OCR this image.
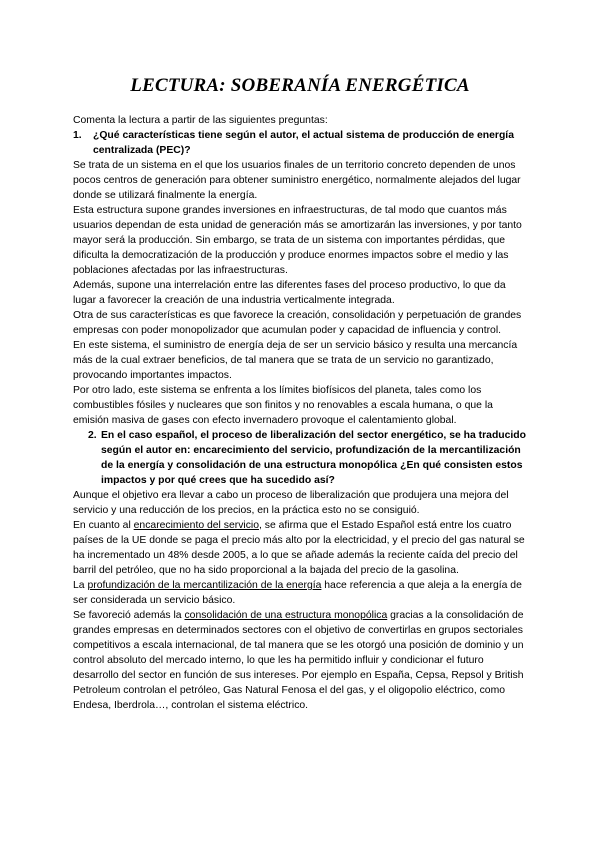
LECTURA: SOBERANÍA ENERGÉTICA

Comenta la lectura a partir de las siguientes preguntas:

1. ¿Qué características tiene según el autor, el actual sistema de producción de energía centralizada (PEC)?

Se trata de un sistema en el que los usuarios finales de un territorio concreto dependen de unos pocos centros de generación para obtener suministro energético, normalmente alejados del lugar donde se utilizará finalmente la energía.

Esta estructura supone grandes inversiones en infraestructuras, de tal modo que cuantos más usuarios dependan de esta unidad de generación más se amortizarán las inversiones, y por tanto mayor será la producción. Sin embargo, se trata de un sistema con importantes pérdidas, que dificulta la democratización de la producción y produce enormes impactos sobre el medio y las poblaciones afectadas por las infraestructuras.

Además, supone una interrelación entre las diferentes fases del proceso productivo, lo que da lugar a favorecer la creación de una industria verticalmente integrada.

Otra de sus características es que favorece la creación, consolidación y perpetuación de grandes empresas con poder monopolizador que acumulan poder y capacidad de influencia y control.

En este sistema, el suministro de energía deja de ser un servicio básico y resulta una mercancía más de la cual extraer beneficios, de tal manera que se trata de un servicio no garantizado, provocando importantes impactos.

Por otro lado, este sistema se enfrenta a los límites biofísicos del planeta, tales como los combustibles fósiles y nucleares que son finitos y no renovables a escala humana, o que la emisión masiva de gases con efecto invernadero provoque el calentamiento global.

2. En el caso español, el proceso de liberalización del sector energético, se ha traducido según el autor en: encarecimiento del servicio, profundización de la mercantilización de la energía y consolidación de una estructura monopólica ¿En qué consisten estos impactos y por qué crees que ha sucedido así?

Aunque el objetivo era llevar a cabo un proceso de liberalización que produjera una mejora del servicio y una reducción de los precios, en la práctica esto no se consiguió.

En cuanto al encarecimiento del servicio, se afirma que el Estado Español está entre los cuatro países de la UE donde se paga el precio más alto por la electricidad, y el precio del gas natural se ha incrementado un 48% desde 2005, a lo que se añade además la reciente caída del precio del barril del petróleo, que no ha sido proporcional a la bajada del precio de la gasolina.

La profundización de la mercantilización de la energía hace referencia a que aleja a la energía de ser considerada un servicio básico.

Se favoreció además la consolidación de una estructura monopólica gracias a la consolidación de grandes empresas en determinados sectores con el objetivo de convertirlas en grupos sectoriales competitivos a escala internacional, de tal manera que se les otorgó una posición de dominio y un control absoluto del mercado interno, lo que les ha permitido influir y condicionar el futuro desarrollo del sector en función de sus intereses. Por ejemplo en España, Cepsa, Repsol y British Petroleum controlan el petróleo, Gas Natural Fenosa el del gas, y el oligopolio eléctrico, como Endesa, Iberdrola…, controlan el sistema eléctrico.
